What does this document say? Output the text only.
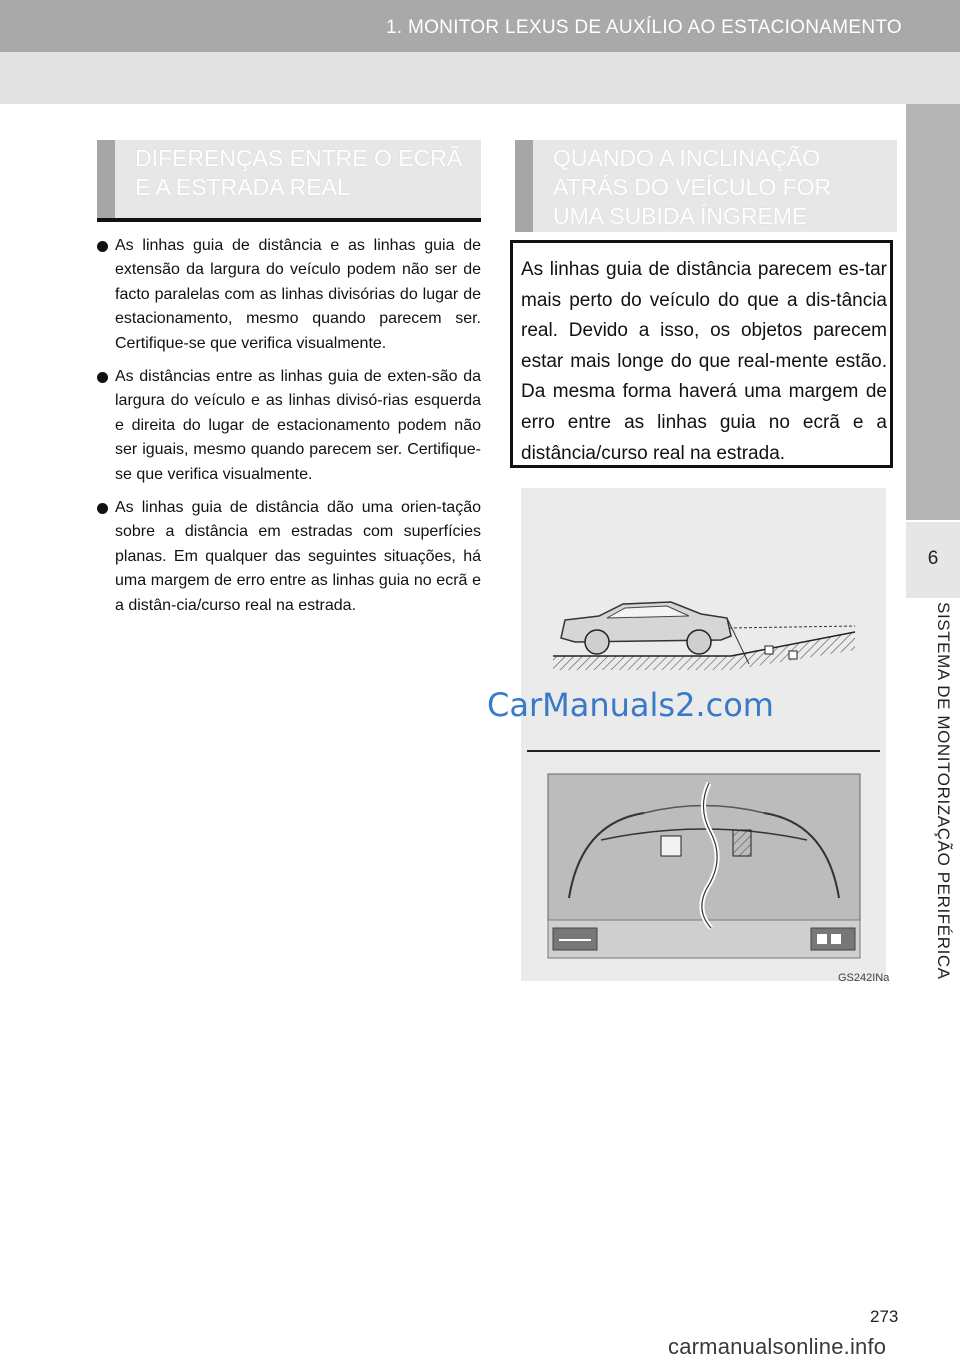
1. MONITOR LEXUS DE AUXÍLIO AO ESTACIONAMENTO
6
SISTEMA DE MONITORIZAÇÃO PERIFÉRICA
DIFERENÇAS ENTRE O ECRÃ
E A ESTRADA REAL
As linhas guia de distância e as linhas guia de extensão da largura do veículo podem não ser de facto paralelas com as linhas divisórias do lugar de estacionamento, mesmo quando parecem ser. Certifique-se que verifica visualmente.
As distâncias entre as linhas guia de exten-são da largura do veículo e as linhas divisó-rias esquerda e direita do lugar de estacionamento podem não ser iguais, mesmo quando parecem ser. Certifique-se que verifica visualmente.
As linhas guia de distância dão uma orien-tação sobre a distância em estradas com superfícies planas. Em qualquer das seguintes situações, há uma margem de erro entre as linhas guia no ecrã e a distân-cia/curso real na estrada.
QUANDO A INCLINAÇÃO
ATRÁS DO VEÍCULO FOR
UMA SUBIDA ÍNGREME
As linhas guia de distância parecem es-tar mais perto do veículo do que a dis-tância real. Devido a isso, os objetos parecem estar mais longe do que real-mente estão. Da mesma forma haverá uma margem de erro entre as linhas guia no ecrã e a distância/curso real na estrada.
GS242INa
CarManuals2.com
273
carmanualsonline.info
